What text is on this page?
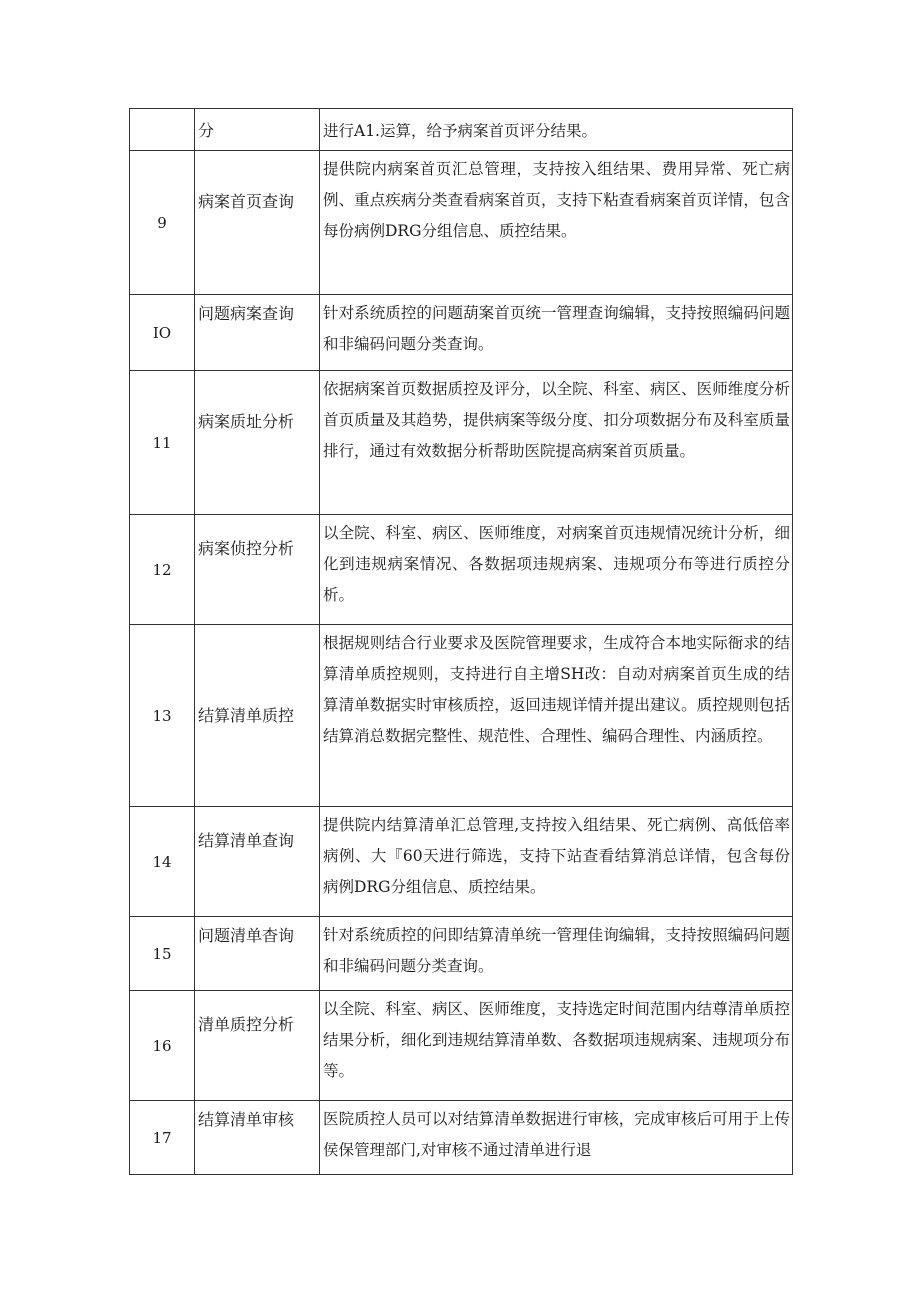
	分	进行A1.运算，给予病案首页评分结果。
9	病案首页查询	提供院内病案首页汇总管理，支持按入组结果、费用异常、死亡病例、重点疾病分类查看病案首页，支持下粘查看病案首页详情，包含每份病例DRG分组信息、质控结果。
IO	问题病案查询	针对系统质控的问题葫案首页统一管理查询编辑，支持按照编码问题和非编码问题分类查询。
11	病案质址分析	依据病案首页数据质控及评分，以全院、科室、病区、医师维度分析首页质量及其趋势，提供病案等级分度、扣分项数据分布及科室质量排行，通过有效数据分析帮助医院提高病案首页质量。
12	病案侦控分析	以全院、科室、病区、医师维度，对病案首页违规情况统计分析，细化到违规病案情况、各数据项违规病案、违规项分布等进行质控分析。
13	结算清单质控	根据规则结合行业要求及医院管理要求，生成符合本地实际衙求的结算清单质控规则，支持进行自主增SH改：自动对病案首页生成的结算清单数据实时审核质控，返回违规详情并提出建议。质控规则包括结算消总数据完整性、规范性、合理性、编码合理性、内涵质控。
14	结算清单查询	提供院内结算清单汇总管理,支持按入组结果、死亡病例、高低倍率病例、大『60天进行筛选，支持下站查看结算消总详情，包含每份病例DRG分组信息、质控结果。
15	问题清单杳询	针对系统质控的问即结算清单统一管理佳询编辑，支持按照编码问题和非编码问题分类查询。
16	清单质控分析	以全院、科室、病区、医师维度，支持选定时间范围内结尊清单质控结果分析，细化到违规结算清单数、各数据项违规病案、违规项分布等。
17	结算清单审核	医院质控人员可以对结算清单数据进行审核，完成审核后可用于上传侯保管理部门,对审核不通过清单进行退
